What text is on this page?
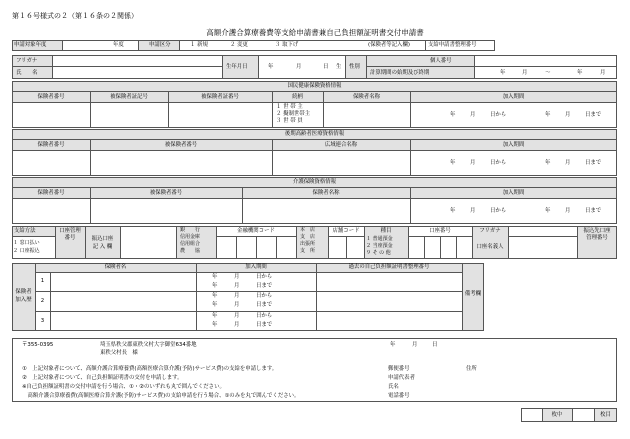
第１６号様式の２（第１６条の２関係）
高額介護合算療養費等支給申請書兼自己負担額証明書交付申請書
申請対象年度	年度	申請区分	１ 新規	２ 変更	３ 取下げ	(保険者等記入欄)	支給申請書整理番号
フリガナ
氏　　名
生年月日	年	月	日 生 性別
個人番号
計算期間の始期及び終期	年	月	～	年	月
国民健康保険資格情報
保険者番号	被保険者証記号	被保険者証番号	続柄	保険者名称	加入期間
１ 世 帯 主
２ 擬制世帯主
３ 世 帯 員
年	月	日から	年	月	日まで
後期高齢者医療資格情報
保険者番号	被保険者番号	広域連合名称	加入期間
年	月	日から	年	月	日まで
介護保険資格情報
保険者番号	被保険者番号	保険者名称	加入期間
年	月	日から	年	月	日まで
支給方法
１ 窓口払い
２ 口座振込
口座管理
番号	振込口座
記 入 欄
銀　　行
信用金庫
信用組合
農　　協
金融機関コード	本　店
支　店
出張所
支　所
店舗コード	種目
１ 普通預金
２ 当座預金
９ そ の 他
口座番号	フリガナ
口座名義人
振込先口座
管理番号
保険者
加入歴
保険者名	加入期間	過去の自己負担額証明書整理番号
備考欄
1
年	月	日から
年	月	日まで
2
年	月	日から
年	月	日まで
3
年	月	日から
年	月	日まで
〒355-0395	埼玉県秩父郡東秩父村大字御堂634番地
東秩父村長　様
年	月	日
①　上記対象者について、高額介護合算療養費(高額医療合算介護(予防)サービス費)の支給を申請します。
②　上記対象者について、自己負担額証明書の交付を申請します。
※自己負担額証明書の交付申請を行う場合、①・②のいずれも丸で囲んでください。
　高額介護合算療養費(高額医療合算介護(予防)サービス費)の支給申請を行う場合、①のみを丸で囲んでください。
郵便番号	住所
申請代表者
氏名
電話番号
枚中	枚目
